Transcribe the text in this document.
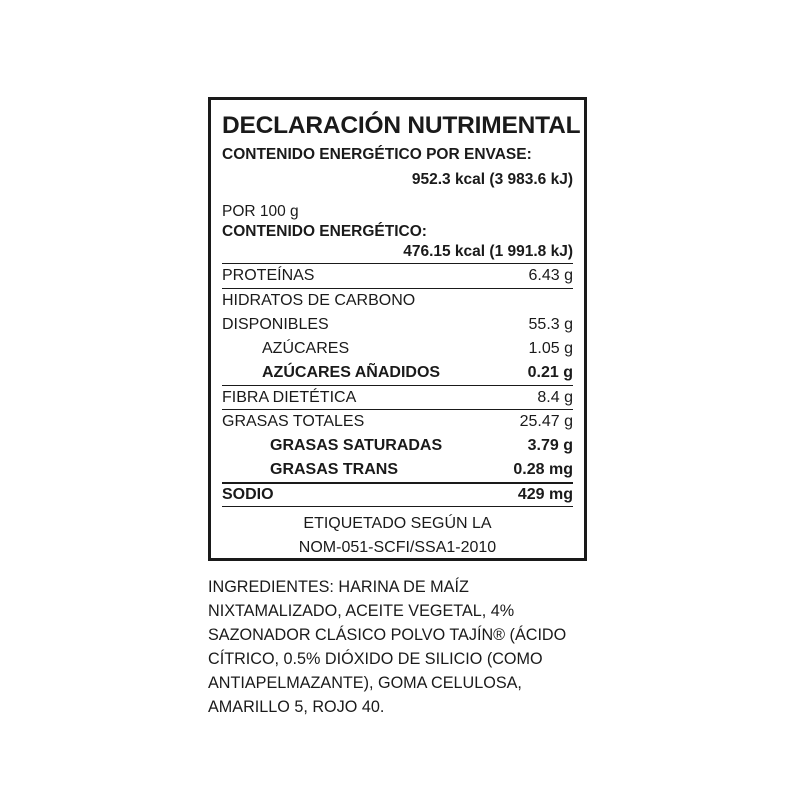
DECLARACIÓN NUTRIMENTAL
CONTENIDO ENERGÉTICO POR ENVASE:
952.3 kcal (3 983.6 kJ)
POR 100 g
CONTENIDO ENERGÉTICO:
476.15 kcal (1 991.8 kJ)
PROTEÍNAS	6.43 g
HIDRATOS DE CARBONO
DISPONIBLES	55.3 g
AZÚCARES	1.05 g
AZÚCARES AÑADIDOS	0.21 g
FIBRA DIETÉTICA	8.4 g
GRASAS TOTALES	25.47 g
GRASAS SATURADAS	3.79 g
GRASAS TRANS	0.28 mg
SODIO	429 mg
ETIQUETADO SEGÚN LA
NOM-051-SCFI/SSA1-2010
INGREDIENTES: HARINA DE MAÍZ
NIXTAMALIZADO, ACEITE VEGETAL, 4%
SAZONADOR CLÁSICO POLVO TAJÍN® (ÁCIDO
CÍTRICO, 0.5% DIÓXIDO DE SILICIO (COMO
ANTIAPELMAZANTE), GOMA CELULOSA,
AMARILLO 5, ROJO 40.
